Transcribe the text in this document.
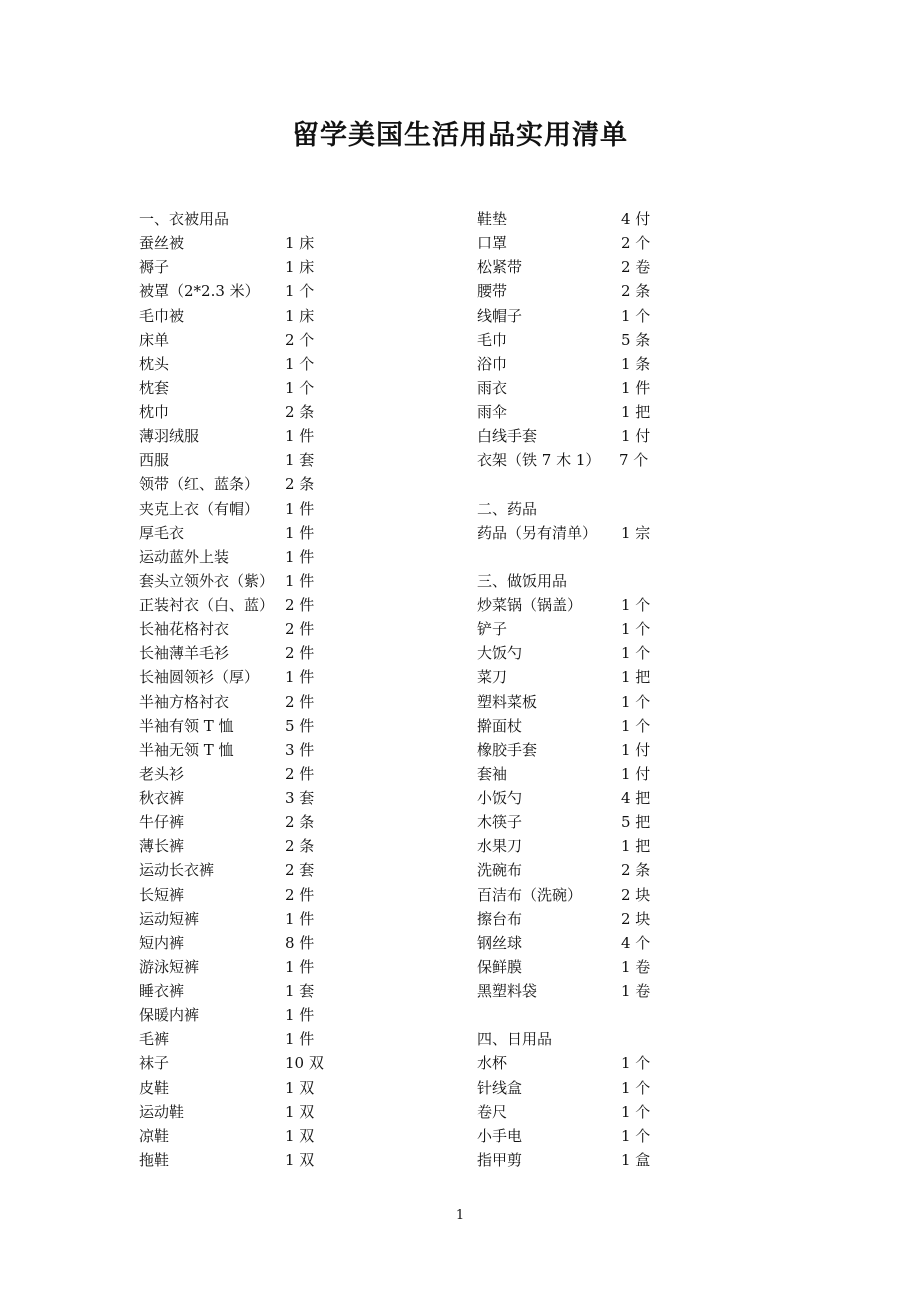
留学美国生活用品实用清单
一、衣被用品
蚕丝被	1 床
褥子	1 床
被罩（2*2.3 米） 1 个
毛巾被	1 床
床单	2 个
枕头	1 个
枕套	1 个
枕巾	2 条
薄羽绒服	1 件
西服	1 套
领带（红、蓝条） 2 条
夹克上衣（有帽） 1 件
厚毛衣	1 件
运动蓝外上装	1 件
套头立领外衣（紫） 1 件
正装衬衣（白、蓝） 2 件
长袖花格衬衣	2 件
长袖薄羊毛衫	2 件
长袖圆领衫（厚） 1 件
半袖方格衬衣	2 件
半袖有领 T 恤	5 件
半袖无领 T 恤	3 件
老头衫	2 件
秋衣裤	3 套
牛仔裤	2 条
薄长裤	2 条
运动长衣裤	2 套
长短裤	2 件
运动短裤	1 件
短内裤	8 件
游泳短裤	1 件
睡衣裤	1 套
保暖内裤	1 件
毛裤	1 件
袜子	10 双
皮鞋	1 双
运动鞋	1 双
凉鞋	1 双
拖鞋	1 双
鞋垫	4 付
口罩	2 个
松紧带	2 卷
腰带	2 条
线帽子	1 个
毛巾	5 条
浴巾	1 条
雨衣	1 件
雨伞	1 把
白线手套	1 付
衣架（铁 7 木 1） 7 个
二、药品
药品（另有清单） 1 宗
三、做饭用品
炒菜锅（锅盖）	1 个
铲子	1 个
大饭勺	1 个
菜刀	1 把
塑料菜板	1 个
擀面杖	1 个
橡胶手套	1 付
套袖	1 付
小饭勺	4 把
木筷子	5 把
水果刀	1 把
洗碗布	2 条
百洁布（洗碗）	2 块
擦台布	2 块
钢丝球	4 个
保鲜膜	1 卷
黑塑料袋	1 卷
四、日用品
水杯	1 个
针线盒	1 个
卷尺	1 个
小手电	1 个
指甲剪	1 盒
1
